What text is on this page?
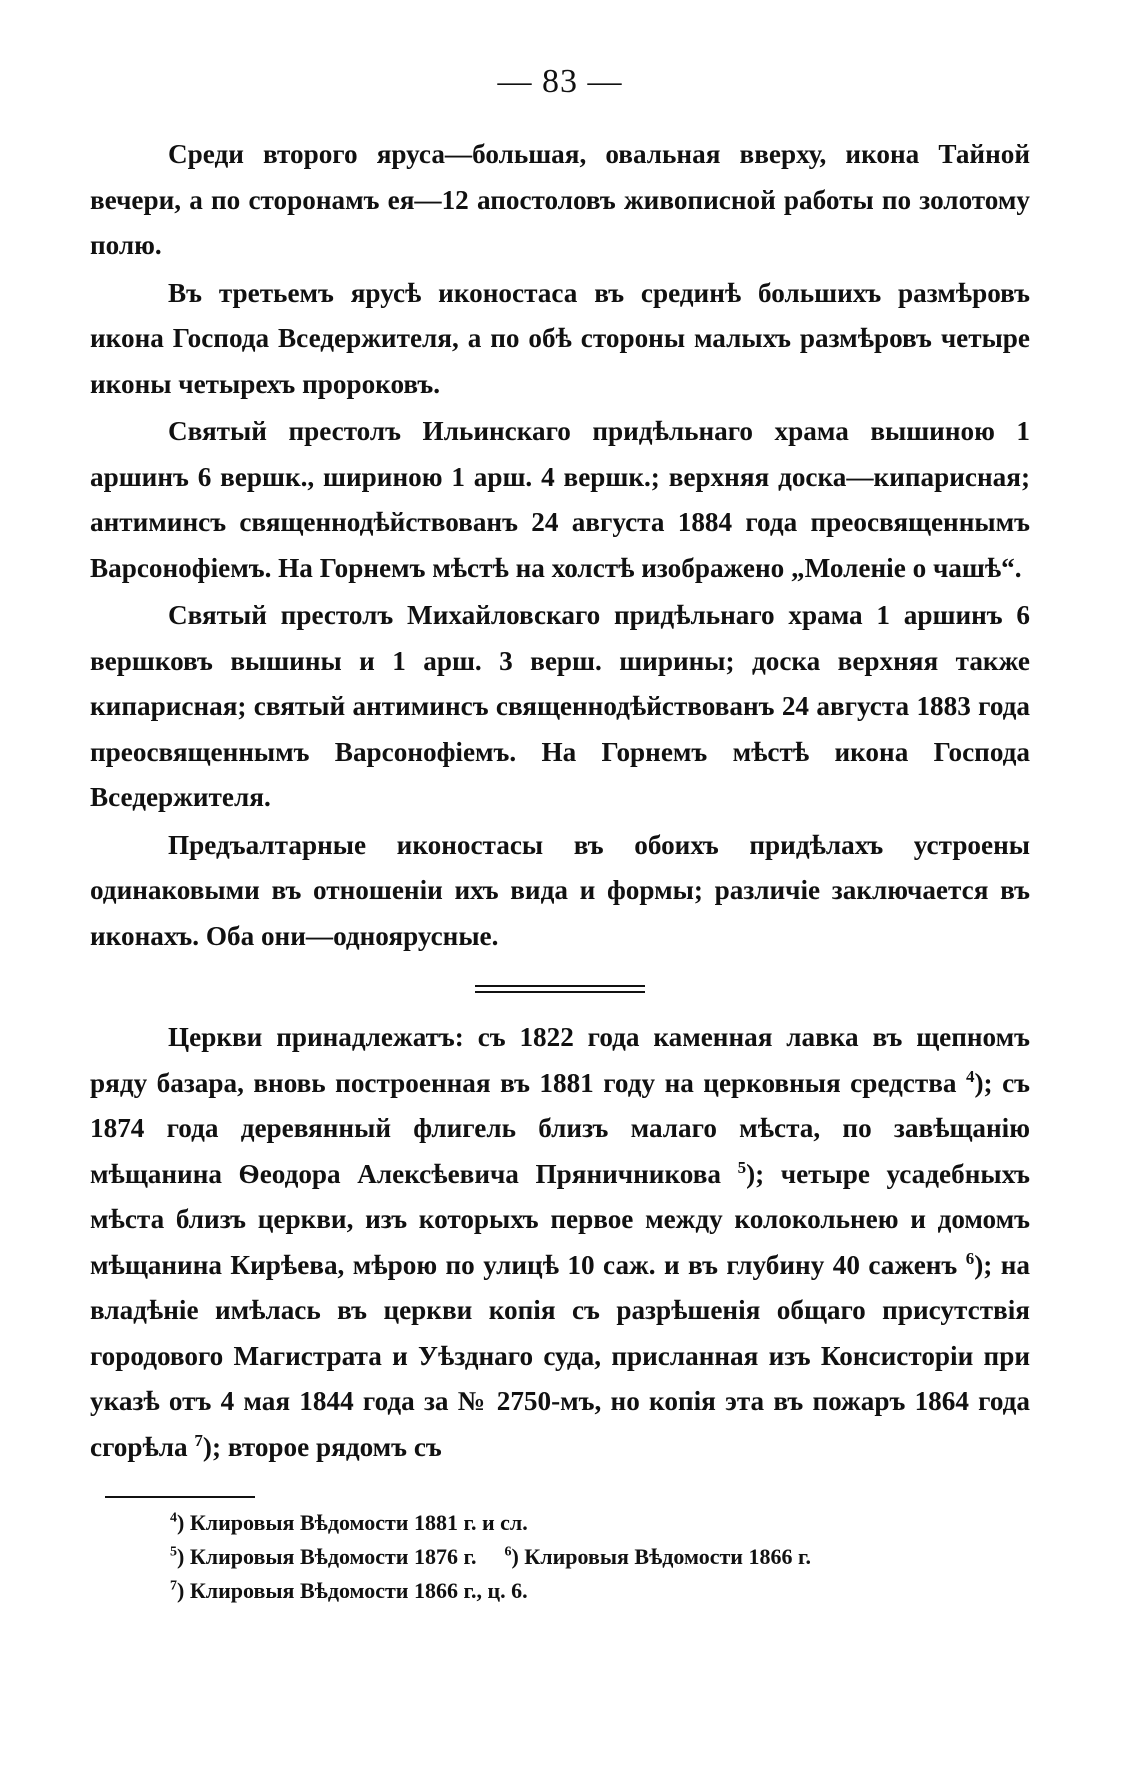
— 83 —

Среди второго яруса—большая, овальная вверху, икона Тайной вечери, а по сторонамъ ея—12 апостоловъ живописной работы по золотому полю.

Въ третьемъ ярусѣ иконостаса въ срединѣ большихъ размѣровъ икона Господа Вседержителя, а по обѣ стороны малыхъ размѣровъ четыре иконы четырехъ пророковъ.

Святый престолъ Ильинскаго придѣльнаго храма вышиною 1 аршинъ 6 вершк., шириною 1 арш. 4 вершк.; верхняя доска—кипарисная; антиминсъ священнодѣйствованъ 24 августа 1884 года преосвященнымъ Варсонофіемъ. На Горнемъ мѣстѣ на холстѣ изображено „Моленіе о чашѣ“.

Святый престолъ Михайловскаго придѣльнаго храма 1 аршинъ 6 вершковъ вышины и 1 арш. 3 верш. ширины; доска верхняя также кипарисная; святый антиминсъ священнодѣйствованъ 24 августа 1883 года преосвященнымъ Варсонофіемъ. На Горнемъ мѣстѣ икона Господа Вседержителя.

Предъалтарные иконостасы въ обоихъ придѣлахъ устроены одинаковыми въ отношеніи ихъ вида и формы; различіе заключается въ иконахъ. Оба они—одноярусные.

Церкви принадлежатъ: съ 1822 года каменная лавка въ щепномъ ряду базара, вновь построенная въ 1881 году на церковныя средства $^4$); съ 1874 года деревянный флигель близъ малаго мѣста, по завѣщанію мѣщанина Ѳеодора Алексѣевича Пряничникова $^5$); четыре усадебныхъ мѣста близъ церкви, изъ которыхъ первое между колокольнею и домомъ мѣщанина Кирѣева, мѣрою по улицѣ 10 саж. и въ глубину 40 саженъ $^6$); на владѣніе имѣлась въ церкви копія съ разрѣшенія общаго присутствія городового Магистрата и Уѣзднаго суда, присланная изъ Консисторіи при указѣ отъ 4 мая 1844 года за № 2750-мъ, но копія эта въ пожаръ 1864 года сгорѣла $^7$); второе рядомъ съ

$^4$) Клировыя Вѣдомости 1881 г. и сл.
$^5$) Клировыя Вѣдомости 1876 г. $^6$) Клировыя Вѣдомости 1866 г.
$^7$) Клировыя Вѣдомости 1866 г., ц. 6.
